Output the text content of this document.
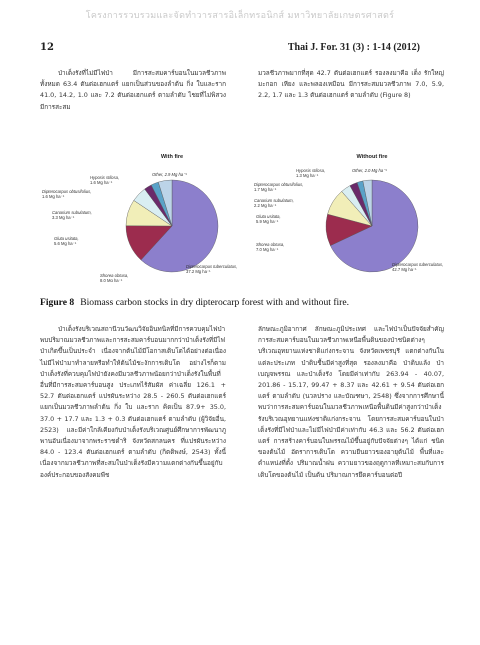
โครงการรวบรวมและจัดทำวารสารอิเล็กทรอนิกส์ มหาวิทยาลัยเกษตรศาสตร์
12	Thai J. For. 31 (3) : 1-14 (2012)

ป่าเต็งรังที่ไม่มีไฟป่า มีการสะสมคาร์บอนในมวลชีวภาพทั้งหมด 63.4 ตันต่อเฮกแตร์ แยกเป็นส่วนของลำต้น กิ่ง ใบและราก 41.0, 14.2, 1.0 และ 7.2 ตันต่อเฮกแตร์ ตามลำดับ ไชยที่ไม่พิสวงมีการสะสม

มวลชีวภาพมากที่สุด 42.7 ตันต่อเฮกแตร์ รองลงมาคือ เต็ง รักใหญ่ มะกอก เหียง และพลองเหมือน มีการสะสมมวลชีวภาพ 7.0, 5.9, 2.2, 1.7 และ 1.3 ตันต่อเฮกแตร์ ตามลำดับ (Figure 8)

With fire
Hyposis stilosa, 1.6 Mg ha⁻¹
Other, 2.9 Mg ha⁻¹
Dipterocarpus obtusifolius, 1.6 Mg ha⁻¹
Canarium subulatum, 3.3 Mg ha⁻¹
Gluta usitata, 5.6 Mg ha⁻¹
Shorea obtusa, 8.0 Mg ha⁻¹
Dipterocarpus tuberculatus, 37.2 Mg ha⁻¹
Without fire
Hyposis stilosa, 1.3 Mg ha⁻¹
Other, 2.0 Mg ha⁻¹
Dipterocarpus obtusifolius, 1.7 Mg ha⁻¹
Canarium subulatum, 2.2 Mg ha⁻¹
Gluta usitata, 5.9 Mg ha⁻¹
Shorea obtusa, 7.0 Mg ha⁻¹
Dipterocarpus tuberculatus, 42.7 Mg ha⁻¹
Figure 8 Biomass carbon stocks in dry dipterocarp forest with and without fire.

ป่าเต็งรังบริเวณสถานีวนวัฒนวิจัยอินทนิลที่มีการควบคุมไฟป่า พบปริมาณมวลชีวภาพและการสะสมคาร์บอนมากกว่าป่าเต็งรังที่มีไฟป่าเกิดขึ้นเป็นประจำ เนื่องจากต้นไม้มีโอกาสเติบโตได้อย่างต่อเนื่อง ไม่มีไฟป่ามาทำลายหรือทำให้ต้นไม้ชะงักการเติบโต อย่างไรก็ตาม ป่าเต็งรังที่ควบคุมไฟป่ายังคงมีมวลชีวภาพน้อยกว่าป่าเต็งรังในพื้นที่อื่นที่มีการสะสมคาร์บอนสูง ประเภทไร้สัมผัส ค่าเฉลี่ย 126.1 + 52.7 ตันต่อเฮกแตร์ แปรผันระหว่าง 28.5 - 260.5 ตันต่อเฮกแตร์ แยกเป็นมวลชีวภาพลำต้น กิ่ง ใบ และราก คิดเป็น 87.9+ 35.0, 37.0 + 17.7 และ 1.3 + 0.3 ตันต่อเฮกแตร์ ตามลำดับ (ผู้วิจัยอื่น, 2523) และมีค่าใกล้เคียงกับป่าเต็งรังบริเวณศูนย์ศึกษาการพัฒนาภูพานอันเนื่องมาจากพระราชดำริ จังหวัดสกลนคร ที่แปรผันระหว่าง 84.0 - 123.4 ตันต่อเฮกแตร์ ตามลำดับ (กิตติพงษ์, 2543) ทั้งนี้ เนื่องจากมวลชีวภาพที่สะสมในป่าเต็งรังมีความแตกต่างกันขึ้นอยู่กับองค์ประกอบของสังคมพืช

ลักษณะภูมิอากาศ ลักษณะภูมิประเทศ และไฟป่าเป็นปัจจัยสำคัญ การสะสมคาร์บอนในมวลชีวภาพเหนือพื้นดินของป่าชนิดต่างๆ บริเวณอุทยานแห่งชาติแก่งกระจาน จังหวัดเพชรบุรี แตกต่างกันในแต่ละประเภท ป่าดิบชื้นมีค่าสูงที่สุด รองลงมาคือ ป่าดิบแล้ง ป่าเบญจพรรณ และป่าเต็งรัง โดยมีค่าเท่ากับ 263.94 - 40.07, 201.86 - 15.17, 99.47 + 8.37 และ 42.61 + 9.54 ตันต่อเฮกแตร์ ตามลำดับ (นวลปราง และบัณฑษา, 2548) ซึ่งจากการศึกษานี้พบว่าการสะสมคาร์บอนในมวลชีวภาพเหนือพื้นดินมีค่าสูงกว่าป่าเต็งรังบริเวณอุทยานแห่งชาติแก่งกระจาน โดยการสะสมคาร์บอนในป่าเต็งรังที่มีไฟป่าและไม่มีไฟป่ามีค่าเท่ากับ 46.3 และ 56.2 ตันต่อเฮกแตร์ การสร้างคาร์บอนในพรรณไม้ขึ้นอยู่กับปัจจัยต่างๆ ได้แก่ ชนิดของต้นไม้ อัตราการเติบโต ความยืนยาวของอายุต้นไม้ พื้นที่และตำแหน่งที่ตั้ง ปริมาณน้ำฝน ความยาวของฤดูกาลที่เหมาะสมกับการเติบโตของต้นไม้ เป็นต้น ปริมาณการยึดคาร์บอนต่อปี
